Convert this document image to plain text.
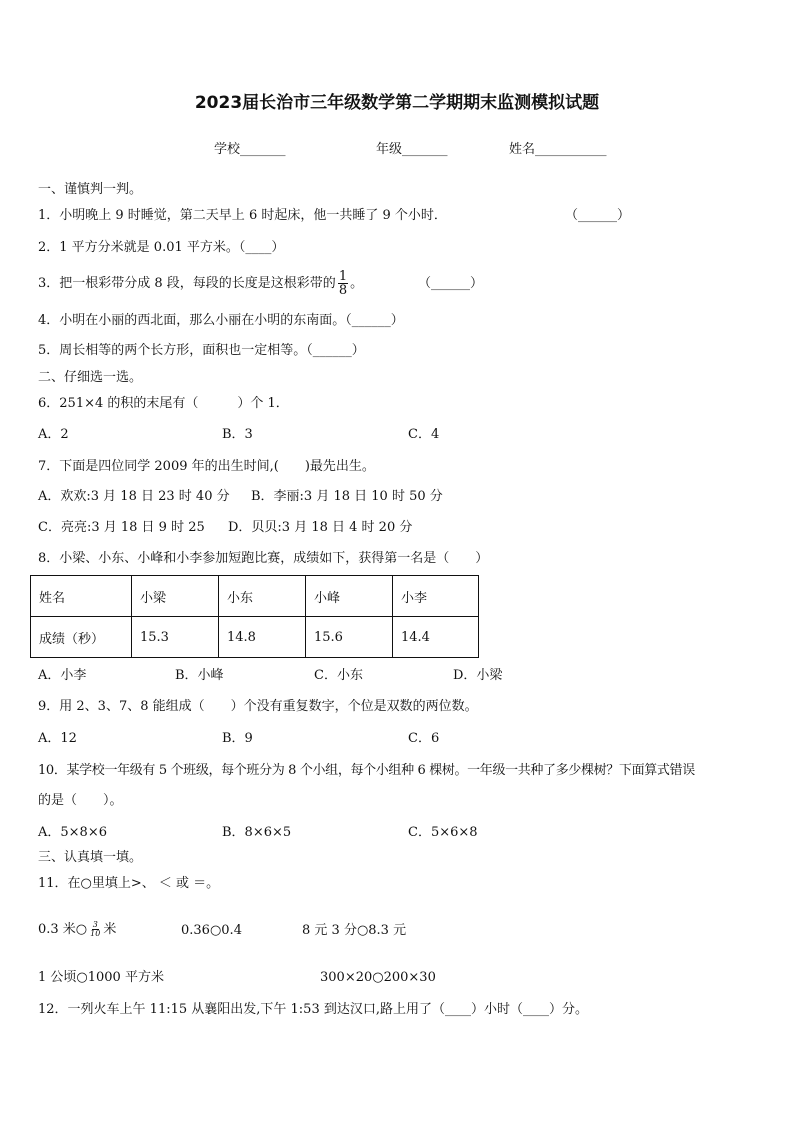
2023届长治市三年级数学第二学期期末监测模拟试题
学校_______	年级_______	姓名___________

一、谨慎判一判。

1．小明晚上 9 时睡觉，第二天早上 6 时起床，他一共睡了 9 个小时．	（______）

2．1 平方分米就是 0.01 平方米。（____）

3．把一根彩带分成 8 段，每段的长度是这根彩带的 $\frac{1}{8}$ 。	（______）

4．小明在小丽的西北面，那么小丽在小明的东南面。（______）

5．周长相等的两个长方形，面积也一定相等。（______）

二、仔细选一选。

6．251×4 的积的末尾有（　　　）个 1．

A．2	B．3	C．4

7．下面是四位同学 2009 年的出生时间,(　　)最先出生。

A．欢欢:3 月 18 日 23 时 40 分 B．李丽:3 月 18 日 10 时 50 分
C．亮亮:3 月 18 日 9 时 25 D．贝贝:3 月 18 日 4 时 20 分

8．小梁、小东、小峰和小李参加短跑比赛，成绩如下，获得第一名是（　　）

姓名	小梁	小东	小峰	小李
成绩（秒）	15.3	14.8	15.6	14.4
A．小李	B．小峰	C．小东	D．小梁

9．用 2、3、7、8 能组成（　　）个没有重复数字，个位是双数的两位数。

A．12	B．9	C．6

10．某学校一年级有 5 个班级，每个班分为 8 个小组，每个小组种 6 棵树。一年级一共种了多少棵树？下面算式错误

的是（　　）。

A．5×8×6	B．8×6×5	C．5×6×8

三、认真填一填。

11．在○里填上>、 ＜ 或 ＝。

0.3 米○ $\frac{3}{10}$ 米	0.36○0.4	8 元 3 分○8.3 元
1 公顷○1000 平方米	300×20○200×30

12．一列火车上午 11:15 从襄阳出发,下午 1:53 到达汉口,路上用了（____）小时（____）分。
